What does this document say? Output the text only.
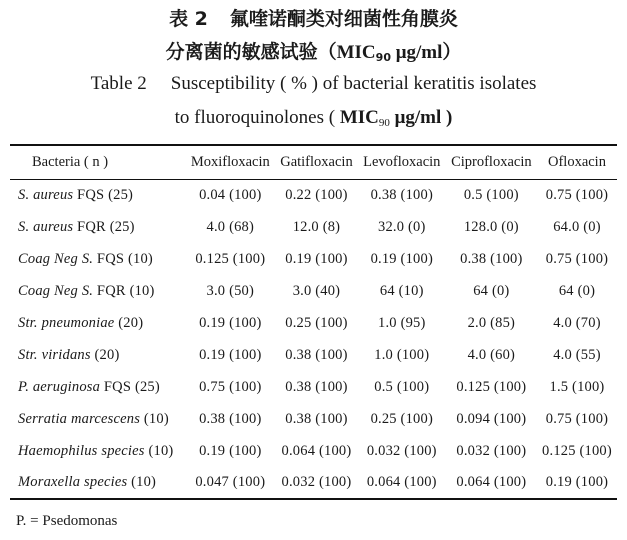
表 2 氟喹诺酮类对细菌性角膜炎
分离菌的敏感试验（$MIC_{90}$ μg/ml）
Table 2 Susceptibility ( % ) of bacterial keratitis isolates
to fluoroquinolones ( $MIC_{90}$ μg/ml )
Bacteria ( n )	Moxifloxacin	Gatifloxacin	Levofloxacin	Ciprofloxacin	Ofloxacin
S. aureus FQS (25)	0.04 (100)	0.22 (100)	0.38 (100)	0.5 (100)	0.75 (100)
S. aureus FQR (25)	4.0 (68)	12.0 (8)	32.0 (0)	128.0 (0)	64.0 (0)
Coag Neg S. FQS (10)	0.125 (100)	0.19 (100)	0.19 (100)	0.38 (100)	0.75 (100)
Coag Neg S. FQR (10)	3.0 (50)	3.0 (40)	64 (10)	64 (0)	64 (0)
Str. pneumoniae (20)	0.19 (100)	0.25 (100)	1.0 (95)	2.0 (85)	4.0 (70)
Str. viridans (20)	0.19 (100)	0.38 (100)	1.0 (100)	4.0 (60)	4.0 (55)
P. aeruginosa FQS (25)	0.75 (100)	0.38 (100)	0.5 (100)	0.125 (100)	1.5 (100)
Serratia marcescens (10)	0.38 (100)	0.38 (100)	0.25 (100)	0.094 (100)	0.75 (100)
Haemophilus species (10)	0.19 (100)	0.064 (100)	0.032 (100)	0.032 (100)	0.125 (100)
Moraxella species (10)	0.047 (100)	0.032 (100)	0.064 (100)	0.064 (100)	0.19 (100)
P. = Psedomonas
